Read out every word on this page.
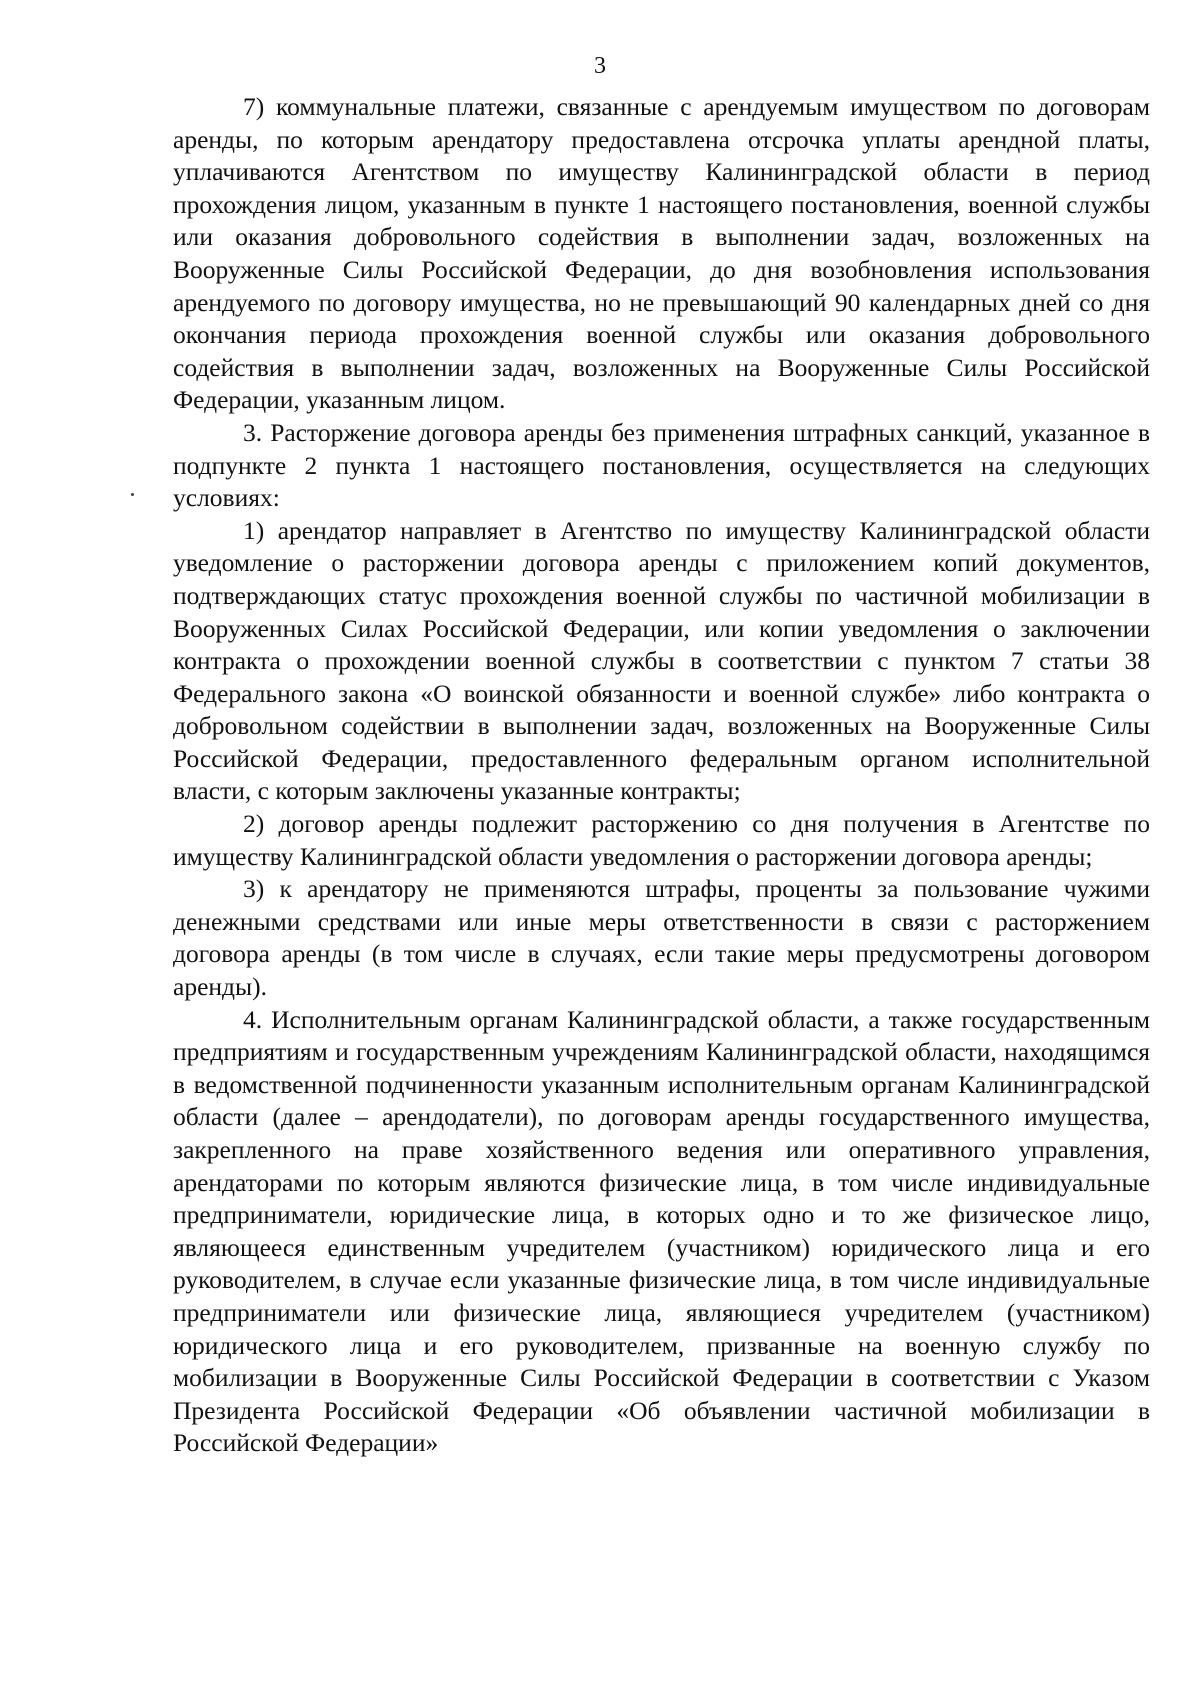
3

7) коммунальные платежи, связанные с арендуемым имуществом по договорам аренды, по которым арендатору предоставлена отсрочка уплаты арендной платы, уплачиваются Агентством по имуществу Калининградской области в период прохождения лицом, указанным в пункте 1 настоящего постановления, военной службы или оказания добровольного содействия в выполнении задач, возложенных на Вооруженные Силы Российской Федерации, до дня возобновления использования арендуемого по договору имущества, но не превышающий 90 календарных дней со дня окончания периода прохождения военной службы или оказания добровольного содействия в выполнении задач, возложенных на Вооруженные Силы Российской Федерации, указанным лицом.

3. Расторжение договора аренды без применения штрафных санкций, указанное в подпункте 2 пункта 1 настоящего постановления, осуществляется на следующих условиях:

1) арендатор направляет в Агентство по имуществу Калининградской области уведомление о расторжении договора аренды с приложением копий документов, подтверждающих статус прохождения военной службы по частичной мобилизации в Вооруженных Силах Российской Федерации, или копии уведомления о заключении контракта о прохождении военной службы в соответствии с пунктом 7 статьи 38 Федерального закона «О воинской обязанности и военной службе» либо контракта о добровольном содействии в выполнении задач, возложенных на Вооруженные Силы Российской Федерации, предоставленного федеральным органом исполнительной власти, с которым заключены указанные контракты;

2) договор аренды подлежит расторжению со дня получения в Агентстве по имуществу Калининградской области уведомления о расторжении договора аренды;

3) к арендатору не применяются штрафы, проценты за пользование чужими денежными средствами или иные меры ответственности в связи с расторжением договора аренды (в том числе в случаях, если такие меры предусмотрены договором аренды).

4. Исполнительным органам Калининградской области, а также государственным предприятиям и государственным учреждениям Калининградской области, находящимся в ведомственной подчиненности указанным исполнительным органам Калининградской области (далее – арендодатели), по договорам аренды государственного имущества, закрепленного на праве хозяйственного ведения или оперативного управления, арендаторами по которым являются физические лица, в том числе индивидуальные предприниматели, юридические лица, в которых одно и то же физическое лицо, являющееся единственным учредителем (участником) юридического лица и его руководителем, в случае если указанные физические лица, в том числе индивидуальные предприниматели или физические лица, являющиеся учредителем (участником) юридического лица и его руководителем, призванные на военную службу по мобилизации в Вооруженные Силы Российской Федерации в соответствии с Указом Президента Российской Федерации «Об объявлении частичной мобилизации в Российской Федерации»
